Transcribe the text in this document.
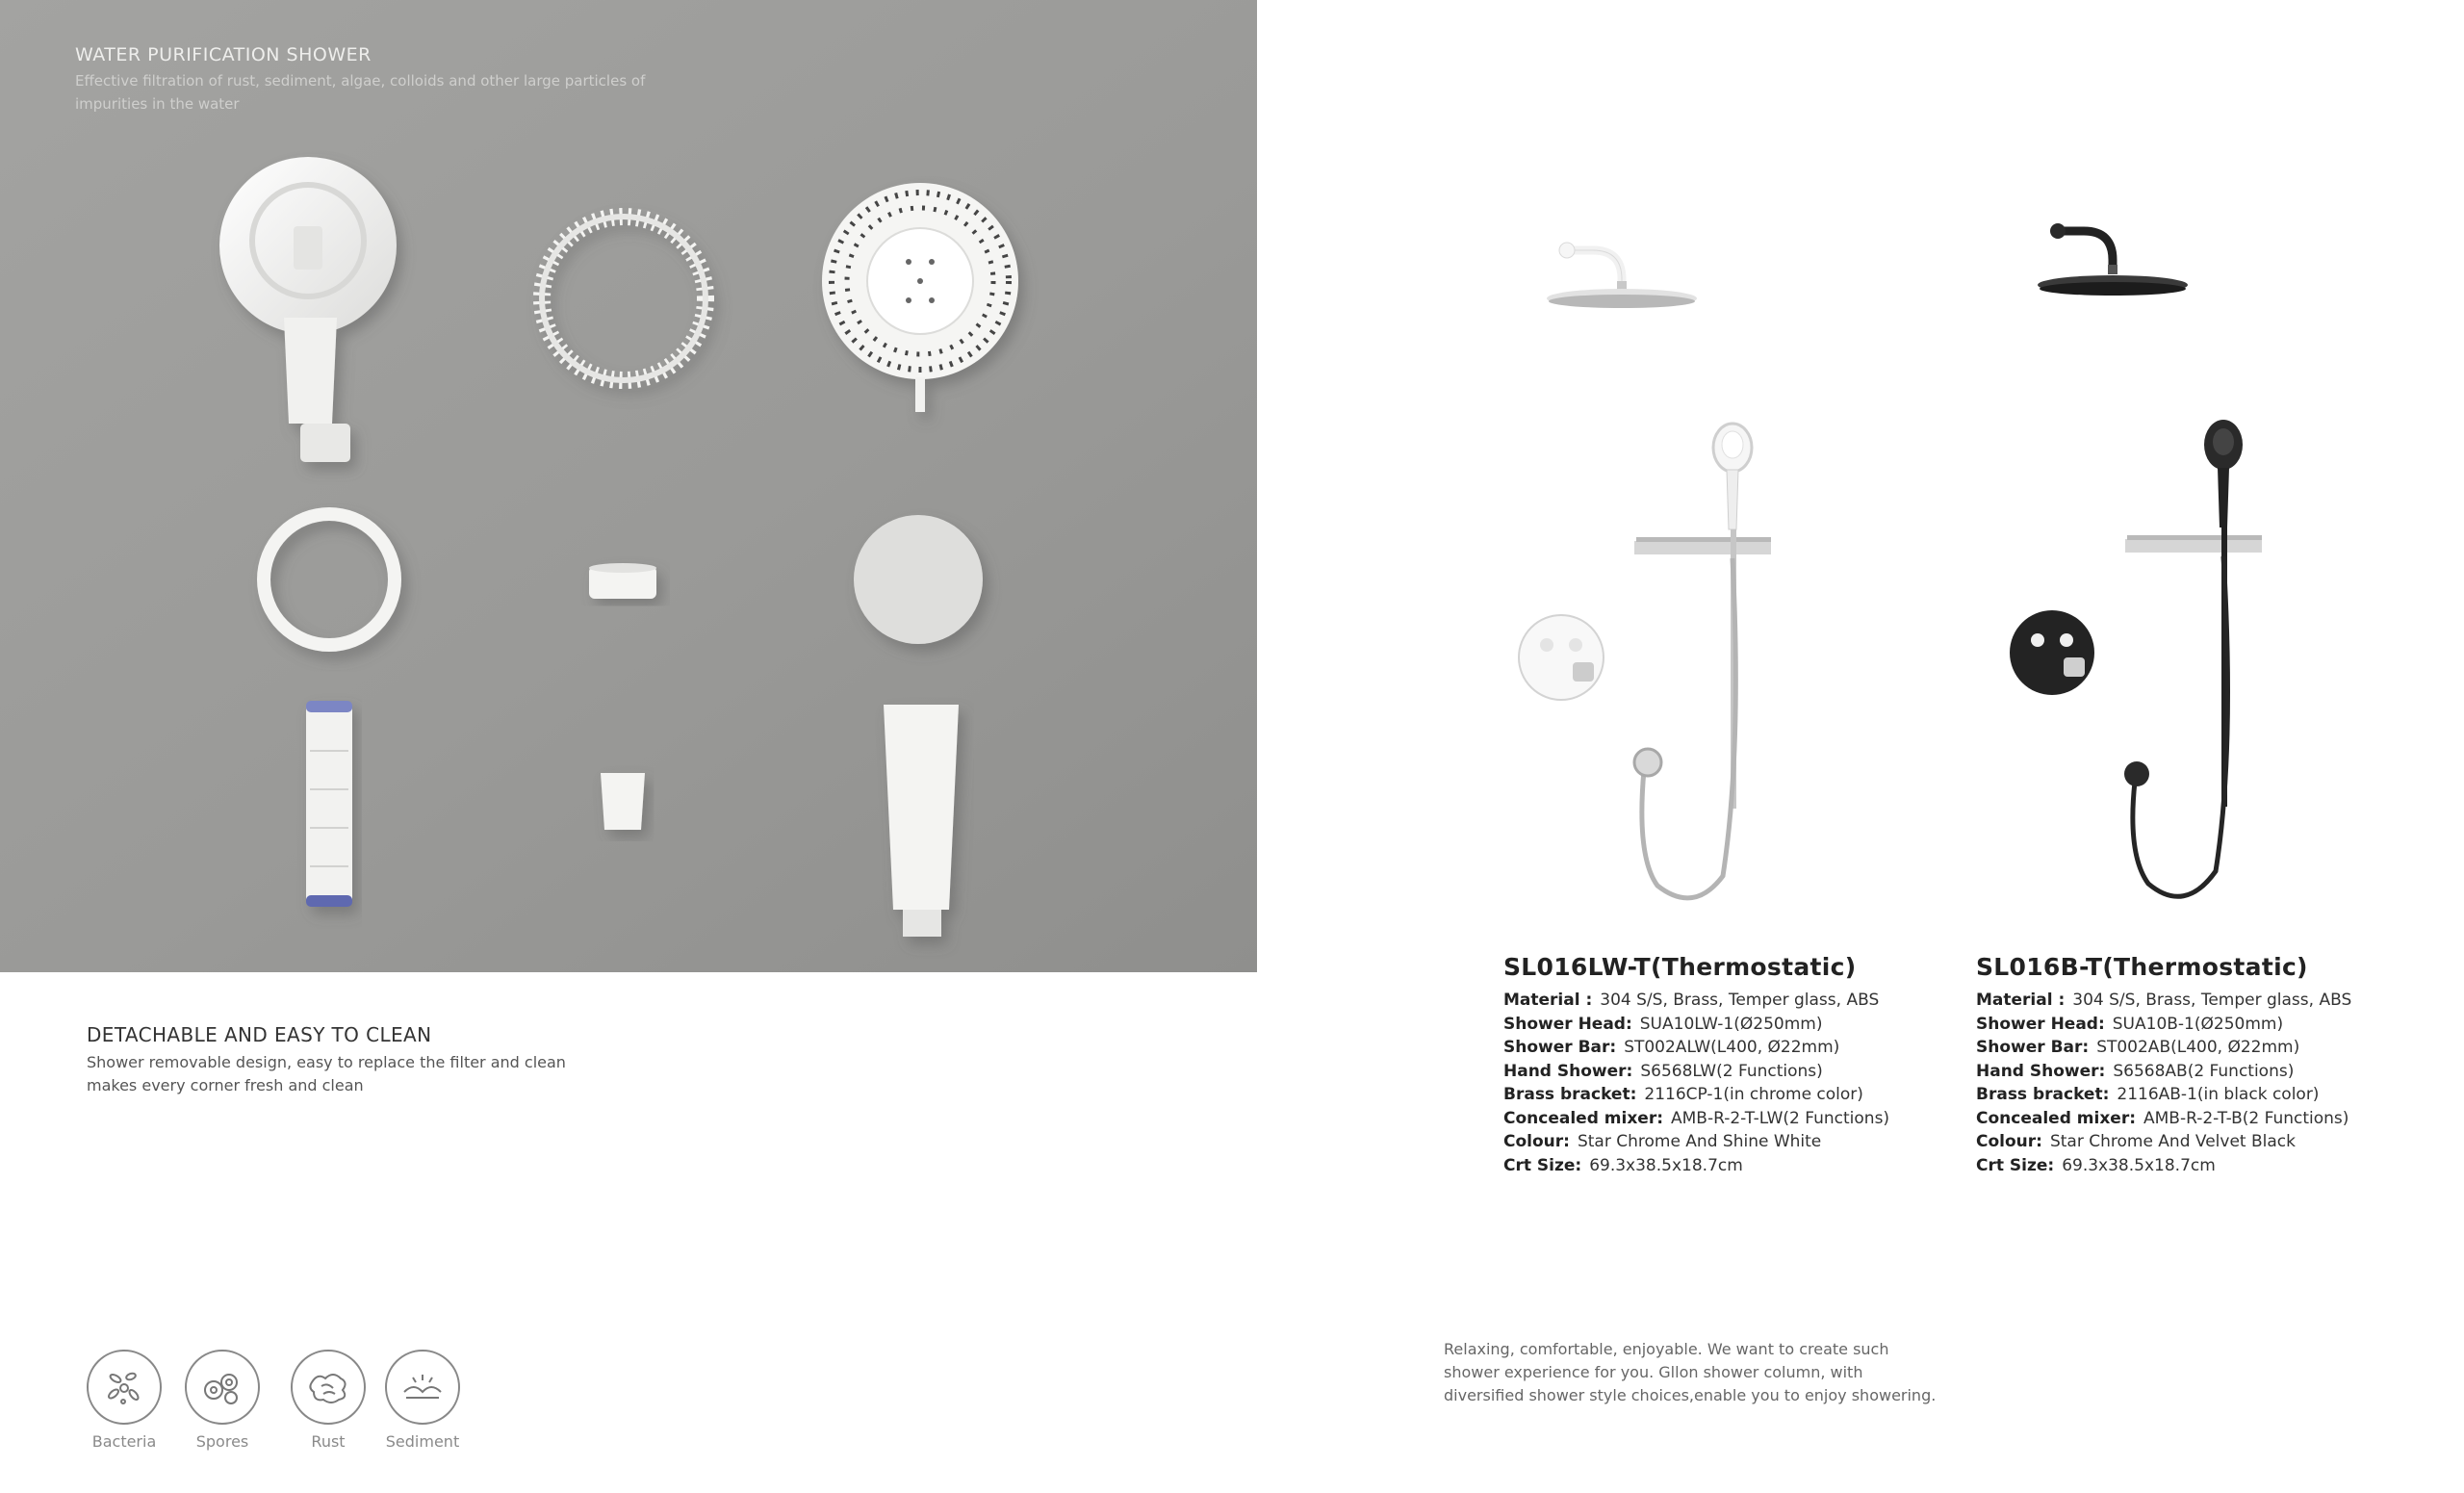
WATER PURIFICATION SHOWER
Effective filtration of rust, sediment, algae, colloids and other large particles of impurities in the water
DETACHABLE AND EASY TO CLEAN
Shower removable design, easy to replace the filter and clean makes every corner fresh and clean
Bacteria	Spores	Rust	Sediment
SL016LW-T(Thermostatic)
Material : 304 S/S, Brass, Temper glass, ABS
Shower Head: SUA10LW-1(Ø250mm)
Shower Bar: ST002ALW(L400, Ø22mm)
Hand Shower: S6568LW(2 Functions)
Brass bracket: 2116CP-1(in chrome color)
Concealed mixer: AMB-R-2-T-LW(2 Functions)
Colour: Star Chrome And Shine White
Crt Size: 69.3x38.5x18.7cm
SL016B-T(Thermostatic)
Material : 304 S/S, Brass, Temper glass, ABS
Shower Head: SUA10B-1(Ø250mm)
Shower Bar: ST002AB(L400, Ø22mm)
Hand Shower: S6568AB(2 Functions)
Brass bracket: 2116AB-1(in black color)
Concealed mixer: AMB-R-2-T-B(2 Functions)
Colour: Star Chrome And Velvet Black
Crt Size: 69.3x38.5x18.7cm
Relaxing, comfortable, enjoyable. We want to create such shower experience for you. Gllon shower column, with diversified shower style choices,enable you to enjoy showering.
